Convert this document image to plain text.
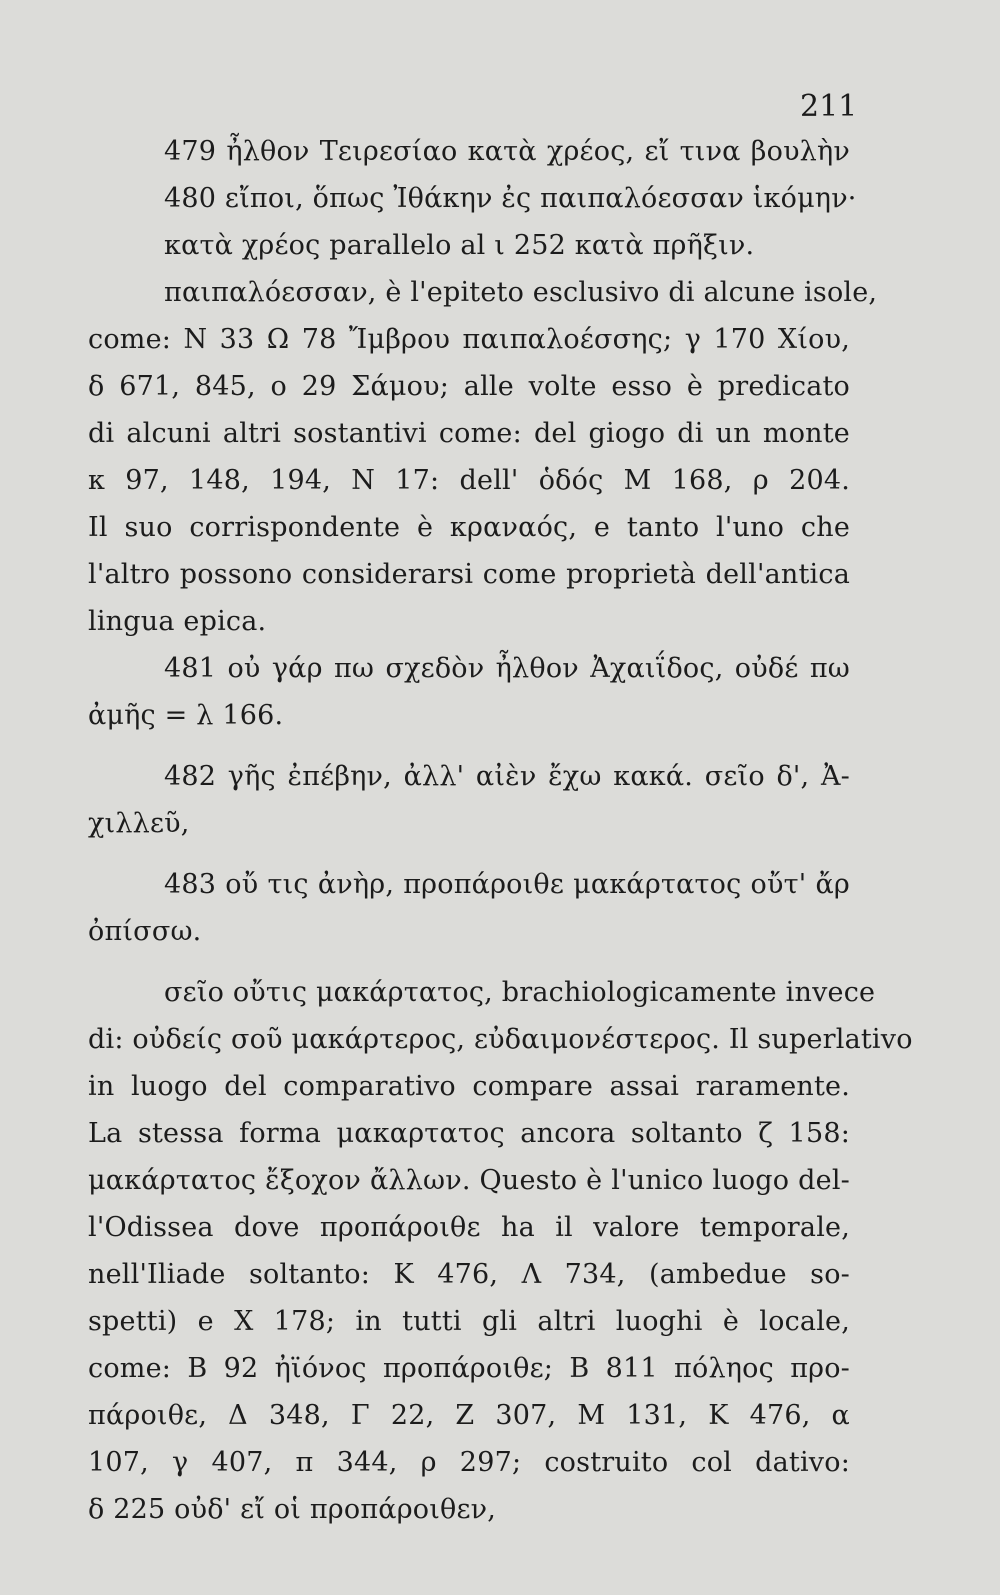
211
479 ἦλθον Τειρεσίαο κατὰ χρέος, εἴ τινα βουλὴν
480 εἴποι, ὅπως Ἰθάκην ἐς παιπαλόεσσαν ἱκόμην·
κατὰ χρέος parallelo al ι 252 κατὰ πρῆξιν.
παιπαλόεσσαν, è l'epiteto esclusivo di alcune isole,
come: N 33 Ω 78 Ἴμβρου παιπαλοέσσης; γ 170 Χίου,
δ 671, 845, ο 29 Σάμου; alle volte esso è predicato
di alcuni altri sostantivi come: del giogo di un monte
κ 97, 148, 194, N 17: dell' ὁδός M 168, ρ 204.
Il suo corrispondente è κραναός, e tanto l'uno che
l'altro possono considerarsi come proprietà dell'antica
lingua epica.
481 οὐ γάρ πω σχεδὸν ἦλθον Ἀχαιΐδος, οὐδέ πω
ἀμῆς = λ 166.
482 γῆς ἐπέβην, ἀλλ' αἰὲν ἔχω κακά. σεῖο δ', Ἀ-
χιλλεῦ,
483 οὔ τις ἀνὴρ, προπάροιθε μακάρτατος οὔτ' ἄρ
ὀπίσσω.
σεῖο οὔτις μακάρτατος, brachiologicamente invece
di: οὐδείς σοῦ μακάρτερος, εὐδαιμονέστερος. Il superlativo
in luogo del comparativo compare assai raramente.
La stessa forma μακαρτατος ancora soltanto ζ 158:
μακάρτατος ἔξοχον ἄλλων. Questo è l'unico luogo del-
l'Odissea dove προπάροιθε ha il valore temporale,
nell'Iliade soltanto: K 476, Λ 734, (ambedue so-
spetti) e X 178; in tutti gli altri luoghi è locale,
come: B 92 ἠϊόνος προπάροιθε; B 811 πόληος προ-
πάροιθε, Δ 348, Γ 22, Z 307, M 131, K 476, α
107, γ 407, π 344, ρ 297; costruito col dativo:
δ 225 οὐδ' εἴ οἱ προπάροιθεν,
